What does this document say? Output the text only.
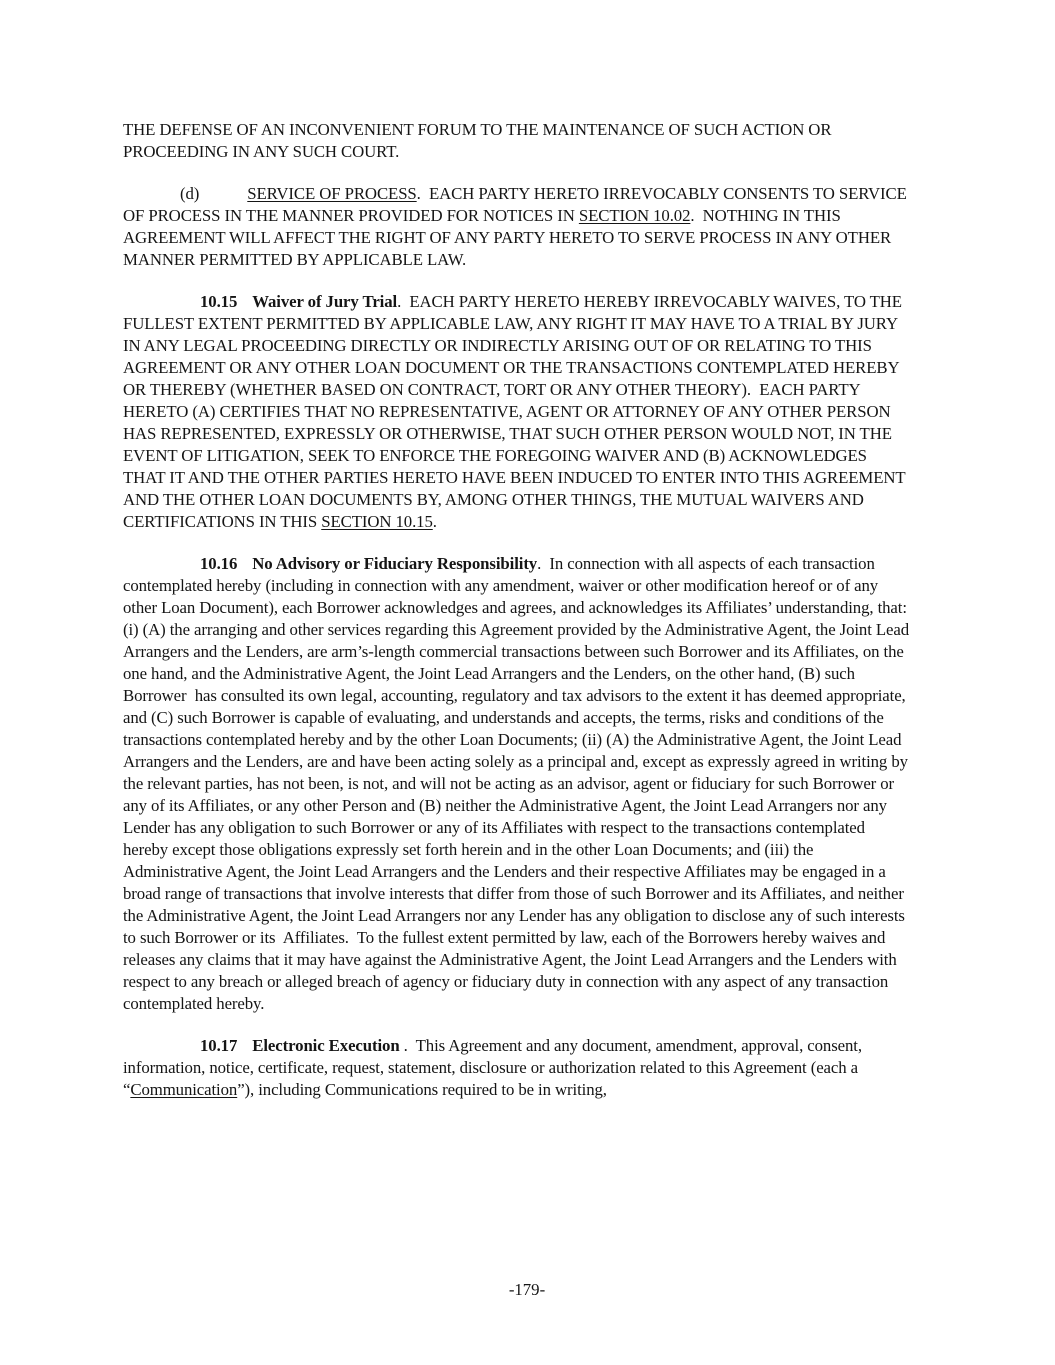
THE DEFENSE OF AN INCONVENIENT FORUM TO THE MAINTENANCE OF SUCH ACTION OR PROCEEDING IN ANY SUCH COURT.

(d)	SERVICE OF PROCESS.  EACH PARTY HERETO IRREVOCABLY CONSENTS TO SERVICE OF PROCESS IN THE MANNER PROVIDED FOR NOTICES IN SECTION 10.02.  NOTHING IN THIS AGREEMENT WILL AFFECT THE RIGHT OF ANY PARTY HERETO TO SERVE PROCESS IN ANY OTHER MANNER PERMITTED BY APPLICABLE LAW.

10.15 Waiver of Jury Trial.  EACH PARTY HERETO HEREBY IRREVOCABLY WAIVES, TO THE FULLEST EXTENT PERMITTED BY APPLICABLE LAW, ANY RIGHT IT MAY HAVE TO A TRIAL BY JURY IN ANY LEGAL PROCEEDING DIRECTLY OR INDIRECTLY ARISING OUT OF OR RELATING TO THIS AGREEMENT OR ANY OTHER LOAN DOCUMENT OR THE TRANSACTIONS CONTEMPLATED HEREBY OR THEREBY (WHETHER BASED ON CONTRACT, TORT OR ANY OTHER THEORY).  EACH PARTY HERETO (A) CERTIFIES THAT NO REPRESENTATIVE, AGENT OR ATTORNEY OF ANY OTHER PERSON HAS REPRESENTED, EXPRESSLY OR OTHERWISE, THAT SUCH OTHER PERSON WOULD NOT, IN THE EVENT OF LITIGATION, SEEK TO ENFORCE THE FOREGOING WAIVER AND (B) ACKNOWLEDGES THAT IT AND THE OTHER PARTIES HERETO HAVE BEEN INDUCED TO ENTER INTO THIS AGREEMENT AND THE OTHER LOAN DOCUMENTS BY, AMONG OTHER THINGS, THE MUTUAL WAIVERS AND CERTIFICATIONS IN THIS SECTION 10.15.

10.16 No Advisory or Fiduciary Responsibility.  In connection with all aspects of each transaction contemplated hereby (including in connection with any amendment, waiver or other modification hereof or of any other Loan Document), each Borrower acknowledges and agrees, and acknowledges its Affiliates’ understanding, that:  (i) (A) the arranging and other services regarding this Agreement provided by the Administrative Agent, the Joint Lead Arrangers and the Lenders, are arm’s-length commercial transactions between such Borrower and its Affiliates, on the one hand, and the Administrative Agent, the Joint Lead Arrangers and the Lenders, on the other hand, (B) such Borrower  has consulted its own legal, accounting, regulatory and tax advisors to the extent it has deemed appropriate, and (C) such Borrower is capable of evaluating, and understands and accepts, the terms, risks and conditions of the transactions contemplated hereby and by the other Loan Documents; (ii) (A) the Administrative Agent, the Joint Lead Arrangers and the Lenders, are and have been acting solely as a principal and, except as expressly agreed in writing by the relevant parties, has not been, is not, and will not be acting as an advisor, agent or fiduciary for such Borrower or any of its Affiliates, or any other Person and (B) neither the Administrative Agent, the Joint Lead Arrangers nor any Lender has any obligation to such Borrower or any of its Affiliates with respect to the transactions contemplated hereby except those obligations expressly set forth herein and in the other Loan Documents; and (iii) the Administrative Agent, the Joint Lead Arrangers and the Lenders and their respective Affiliates may be engaged in a broad range of transactions that involve interests that differ from those of such Borrower and its Affiliates, and neither the Administrative Agent, the Joint Lead Arrangers nor any Lender has any obligation to disclose any of such interests to such Borrower or its  Affiliates.  To the fullest extent permitted by law, each of the Borrowers hereby waives and releases any claims that it may have against the Administrative Agent, the Joint Lead Arrangers and the Lenders with respect to any breach or alleged breach of agency or fiduciary duty in connection with any aspect of any transaction contemplated hereby.

10.17 Electronic Execution .  This Agreement and any document, amendment, approval, consent, information, notice, certificate, request, statement, disclosure or authorization related to this Agreement (each a “Communication”), including Communications required to be in writing,

-179-
